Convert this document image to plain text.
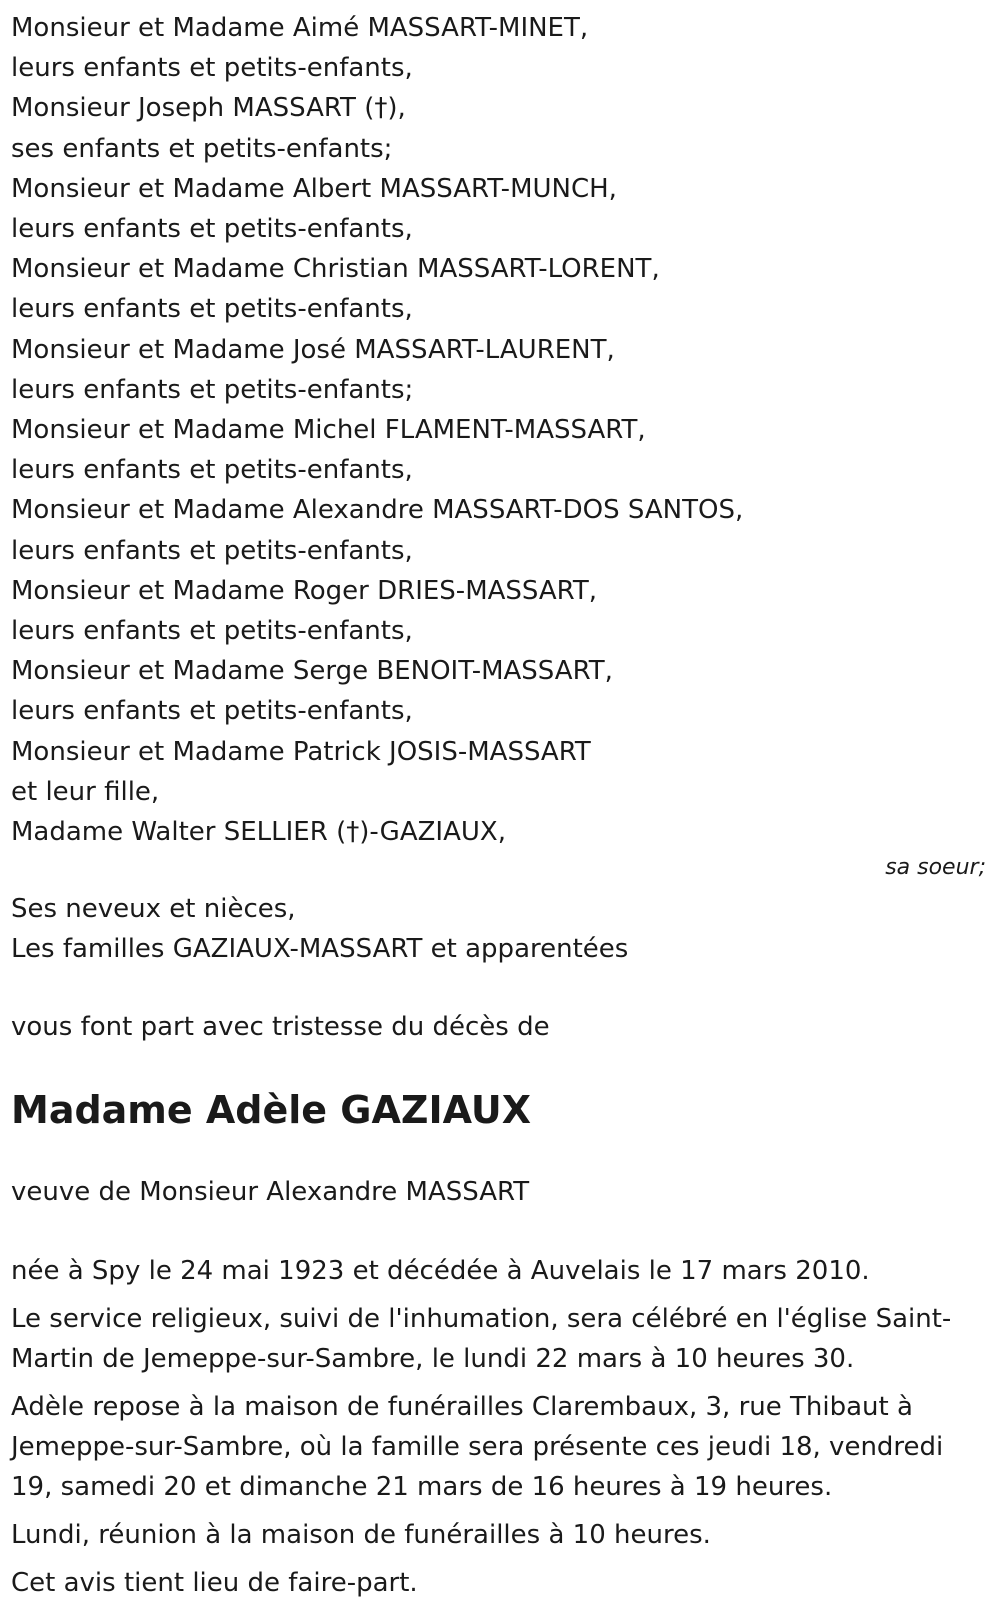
Monsieur et Madame Aimé MASSART-MINET,
leurs enfants et petits-enfants,
Monsieur Joseph MASSART (†),
ses enfants et petits-enfants;
Monsieur et Madame Albert MASSART-MUNCH,
leurs enfants et petits-enfants,
Monsieur et Madame Christian MASSART-LORENT,
leurs enfants et petits-enfants,
Monsieur et Madame José MASSART-LAURENT,
leurs enfants et petits-enfants;
Monsieur et Madame Michel FLAMENT-MASSART,
leurs enfants et petits-enfants,
Monsieur et Madame Alexandre MASSART-DOS SANTOS,
leurs enfants et petits-enfants,
Monsieur et Madame Roger DRIES-MASSART,
leurs enfants et petits-enfants,
Monsieur et Madame Serge BENOIT-MASSART,
leurs enfants et petits-enfants,
Monsieur et Madame Patrick JOSIS-MASSART
et leur fille,
Madame Walter SELLIER (†)-GAZIAUX,
sa soeur;
Ses neveux et nièces,
Les familles GAZIAUX-MASSART et apparentées
vous font part avec tristesse du décès de
Madame Adèle GAZIAUX
veuve de Monsieur Alexandre MASSART

née à Spy le 24 mai 1923 et décédée à Auvelais le 17 mars 2010.

Le service religieux, suivi de l'inhumation, sera célébré en l'église Saint-Martin de Jemeppe-sur-Sambre, le lundi 22 mars à 10 heures 30.

Adèle repose à la maison de funérailles Clarembaux, 3, rue Thibaut à Jemeppe-sur-Sambre, où la famille sera présente ces jeudi 18, vendredi 19, samedi 20 et dimanche 21 mars de 16 heures à 19 heures.

Lundi, réunion à la maison de funérailles à 10 heures.

Cet avis tient lieu de faire-part.
